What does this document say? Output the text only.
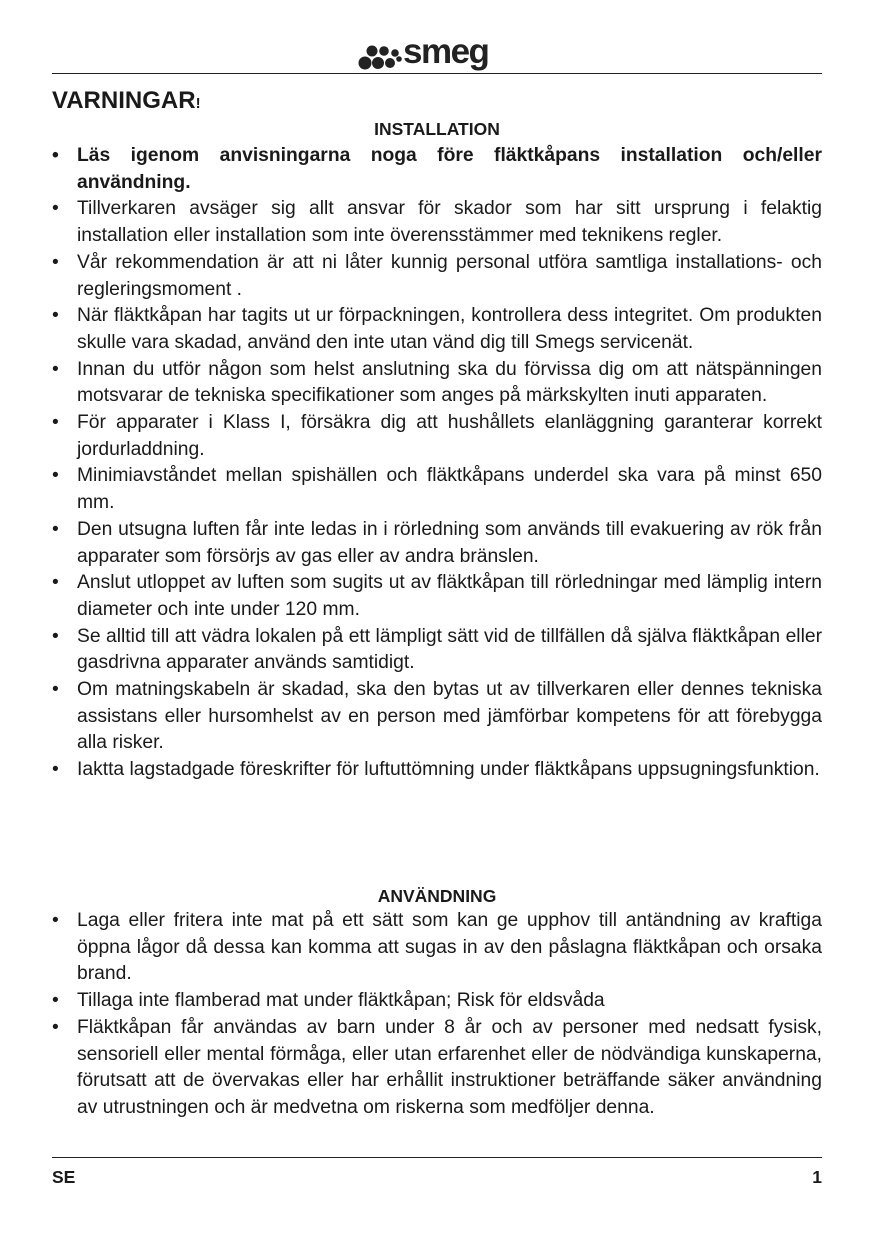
smeg
VARNINGAR!
INSTALLATION
• Läs igenom anvisningarna noga före fläktkåpans installation och/eller användning.
• Tillverkaren avsäger sig allt ansvar för skador som har sitt ursprung i felaktig installation eller installation som inte överensstämmer med teknikens regler.
• Vår rekommendation är att ni låter kunnig personal utföra samtliga installations- och regleringsmoment .
• När fläktkåpan har tagits ut ur förpackningen, kontrollera dess integritet. Om produkten skulle vara skadad, använd den inte utan vänd dig till Smegs servicenät.
• Innan du utför någon som helst anslutning ska du förvissa dig om att nätspänningen motsvarar de tekniska specifikationer som anges på märkskylten inuti apparaten.
• För apparater i Klass I, försäkra dig att hushållets elanläggning garanterar korrekt jordurladdning.
• Minimiavståndet mellan spishällen och fläktkåpans underdel ska vara på minst 650 mm.
• Den utsugna luften får inte ledas in i rörledning som används till evakuering av rök från apparater som försörjs av gas eller av andra bränslen.
• Anslut utloppet av luften som sugits ut av fläktkåpan till rörledningar med lämplig intern diameter och inte under 120 mm.
• Se alltid till att vädra lokalen på ett lämpligt sätt vid de tillfällen då själva fläktkåpan eller gasdrivna apparater används samtidigt.
• Om matningskabeln är skadad, ska den bytas ut av tillverkaren eller dennes tekniska assistans eller hursomhelst av en person med jämförbar kompetens för att förebygga alla risker.
• Iaktta lagstadgade föreskrifter för luftuttömning under fläktkåpans uppsugningsfunktion.
ANVÄNDNING
• Laga eller fritera inte mat på ett sätt som kan ge upphov till antändning av kraftiga öppna lågor då dessa kan komma att sugas in av den påslagna fläktkåpan och orsaka brand.
• Tillaga inte flamberad mat under fläktkåpan; Risk för eldsvåda
• Fläktkåpan får användas av barn under 8 år och av personer med nedsatt fysisk, sensoriell eller mental förmåga, eller utan erfarenhet eller de nödvändiga kunskaperna, förutsatt att de övervakas eller har erhållit instruktioner beträffande säker användning av utrustningen och är medvetna om riskerna som medföljer denna.
SE	1
